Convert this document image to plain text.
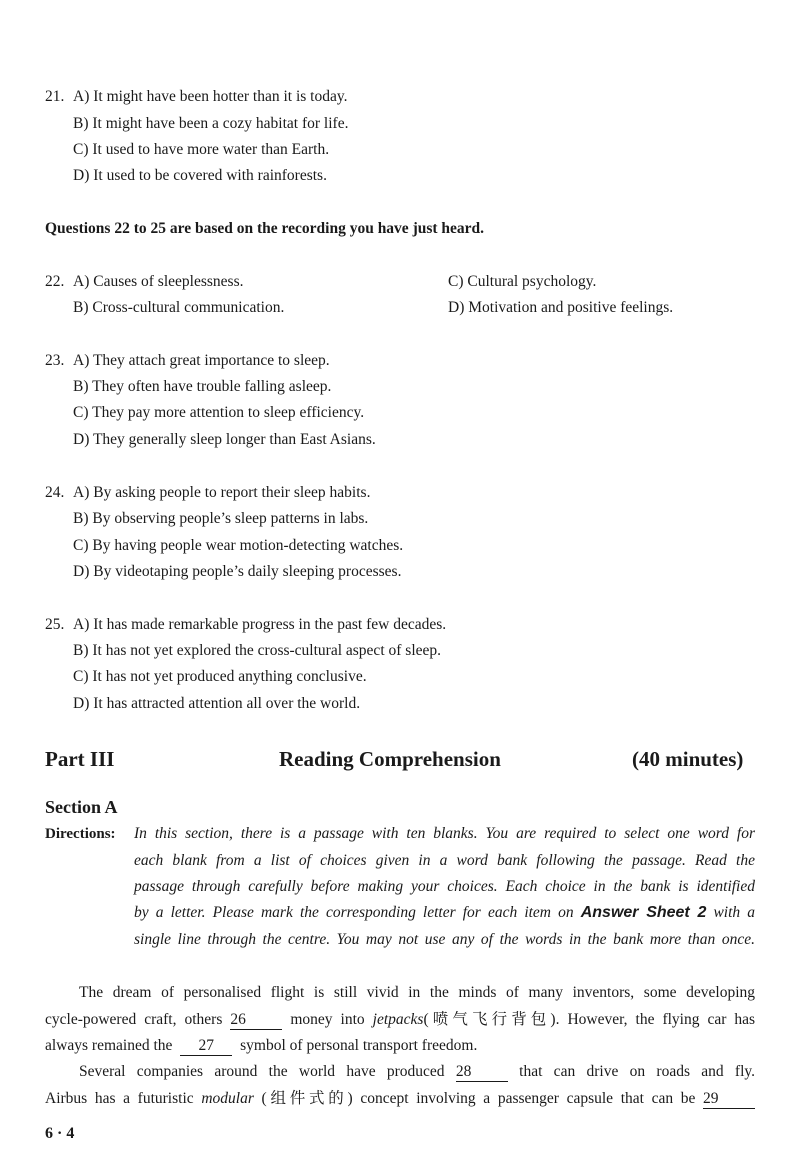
21. A) It might have been hotter than it is today.
B) It might have been a cozy habitat for life.
C) It used to have more water than Earth.
D) It used to be covered with rainforests.
Questions 22 to 25 are based on the recording you have just heard.
22. A) Causes of sleeplessness.
B) Cross-cultural communication.
C) Cultural psychology.
D) Motivation and positive feelings.
23. A) They attach great importance to sleep.
B) They often have trouble falling asleep.
C) They pay more attention to sleep efficiency.
D) They generally sleep longer than East Asians.
24. A) By asking people to report their sleep habits.
B) By observing people’s sleep patterns in labs.
C) By having people wear motion-detecting watches.
D) By videotaping people’s daily sleeping processes.
25. A) It has made remarkable progress in the past few decades.
B) It has not yet explored the cross-cultural aspect of sleep.
C) It has not yet produced anything conclusive.
D) It has attracted attention all over the world.
Part III	Reading Comprehension	(40 minutes)
Section A
Directions: In this section, there is a passage with ten blanks. You are required to select one word for
each blank from a list of choices given in a word bank following the passage. Read the
passage through carefully before making your choices. Each choice in the bank is identified
by a letter. Please mark the corresponding letter for each item on Answer Sheet 2 with a
single line through the centre. You may not use any of the words in the bank more than once.
The dream of personalised flight is still vivid in the minds of many inventors, some developing
cycle-powered craft, others 26	money into jetpacks(喷气飞行背包). However, the flying car has
always remained the 27 symbol of personal transport freedom.
Several companies around the world have produced 28	that can drive on roads and fly.
Airbus has a futuristic modular (组件式的) concept involving a passenger capsule that can be 29
6 · 4
